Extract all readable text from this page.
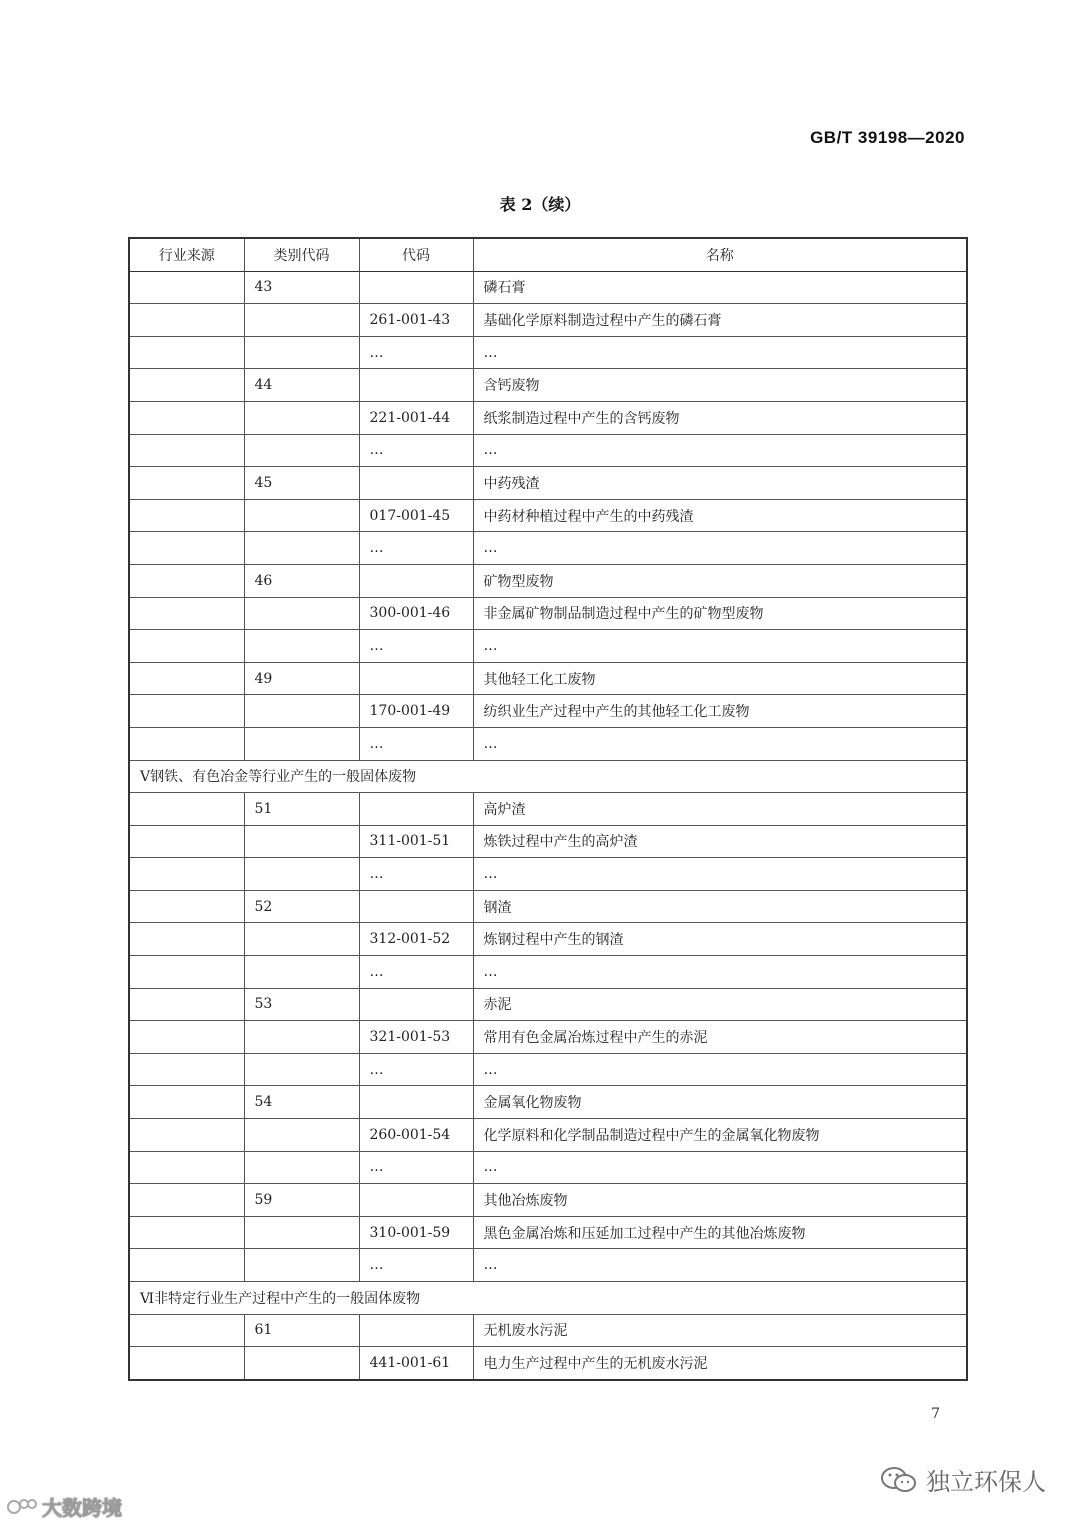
GB/T 39198—2020
表 2（续）
行业来源	类别代码	代码	名称
	43		磷石膏
		261-001-43	基础化学原料制造过程中产生的磷石膏
		…	…
	44		含钙废物
		221-001-44	纸浆制造过程中产生的含钙废物
		…	…
	45		中药残渣
		017-001-45	中药材种植过程中产生的中药残渣
		…	…
	46		矿物型废物
		300-001-46	非金属矿物制品制造过程中产生的矿物型废物
		…	…
	49		其他轻工化工废物
		170-001-49	纺织业生产过程中产生的其他轻工化工废物
		…	…
Ⅴ钢铁、有色冶金等行业产生的一般固体废物			
	51		高炉渣
		311-001-51	炼铁过程中产生的高炉渣
		…	…
	52		钢渣
		312-001-52	炼钢过程中产生的钢渣
		…	…
	53		赤泥
		321-001-53	常用有色金属冶炼过程中产生的赤泥
		…	…
	54		金属氧化物废物
		260-001-54	化学原料和化学制品制造过程中产生的金属氧化物废物
		…	…
	59		其他冶炼废物
		310-001-59	黑色金属冶炼和压延加工过程中产生的其他冶炼废物
		…	…
Ⅵ非特定行业生产过程中产生的一般固体废物			
	61		无机废水污泥
		441-001-61	电力生产过程中产生的无机废水污泥
7
独立环保人
大数跨境
